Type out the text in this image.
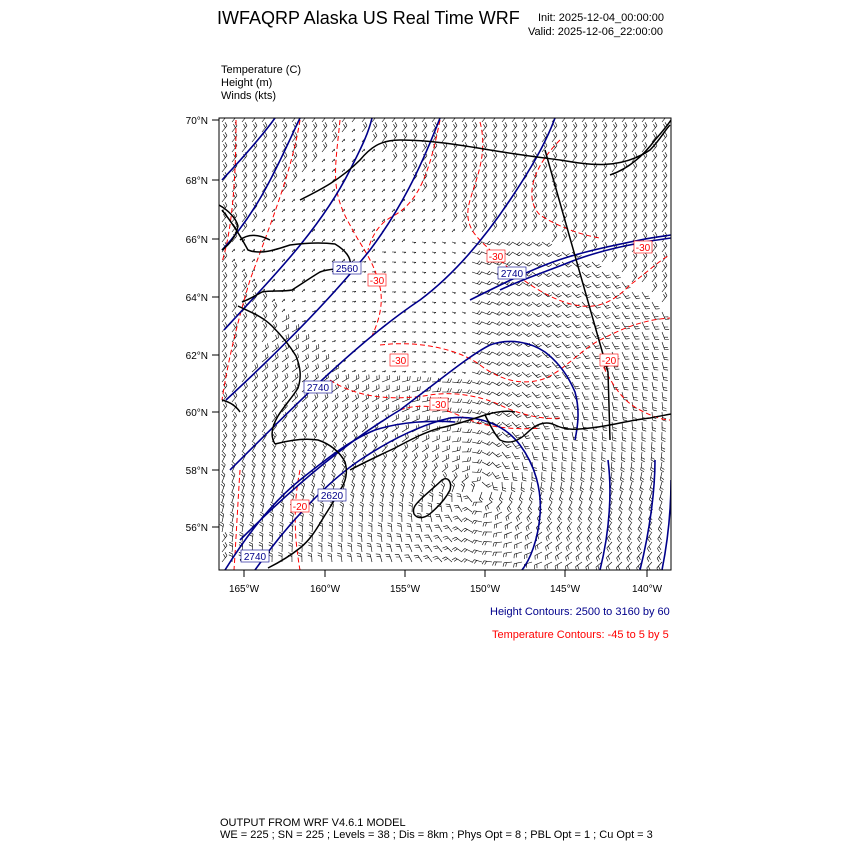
IWFAQRP Alaska US Real Time WRF Init: 2025-12-04_00:00:00
Valid: 2025-12-06_22:00:00
Temperature (C)
Height (m)
Winds (kts)
2560	2740
2740
2620
2740
-30
-30
-30
-30	-20
-30
-20
70°N
68°N
66°N
64°N
62°N
60°N
58°N
56°N
165°W	160°W	155°W	150°W	145°W	140°W
Height Contours: 2500 to 3160 by 60
Temperature Contours: -45 to 5 by 5
OUTPUT FROM WRF V4.6.1 MODEL
WE = 225 ; SN = 225 ; Levels = 38 ; Dis = 8km ; Phys Opt = 8 ; PBL Opt = 1 ; Cu Opt = 3
